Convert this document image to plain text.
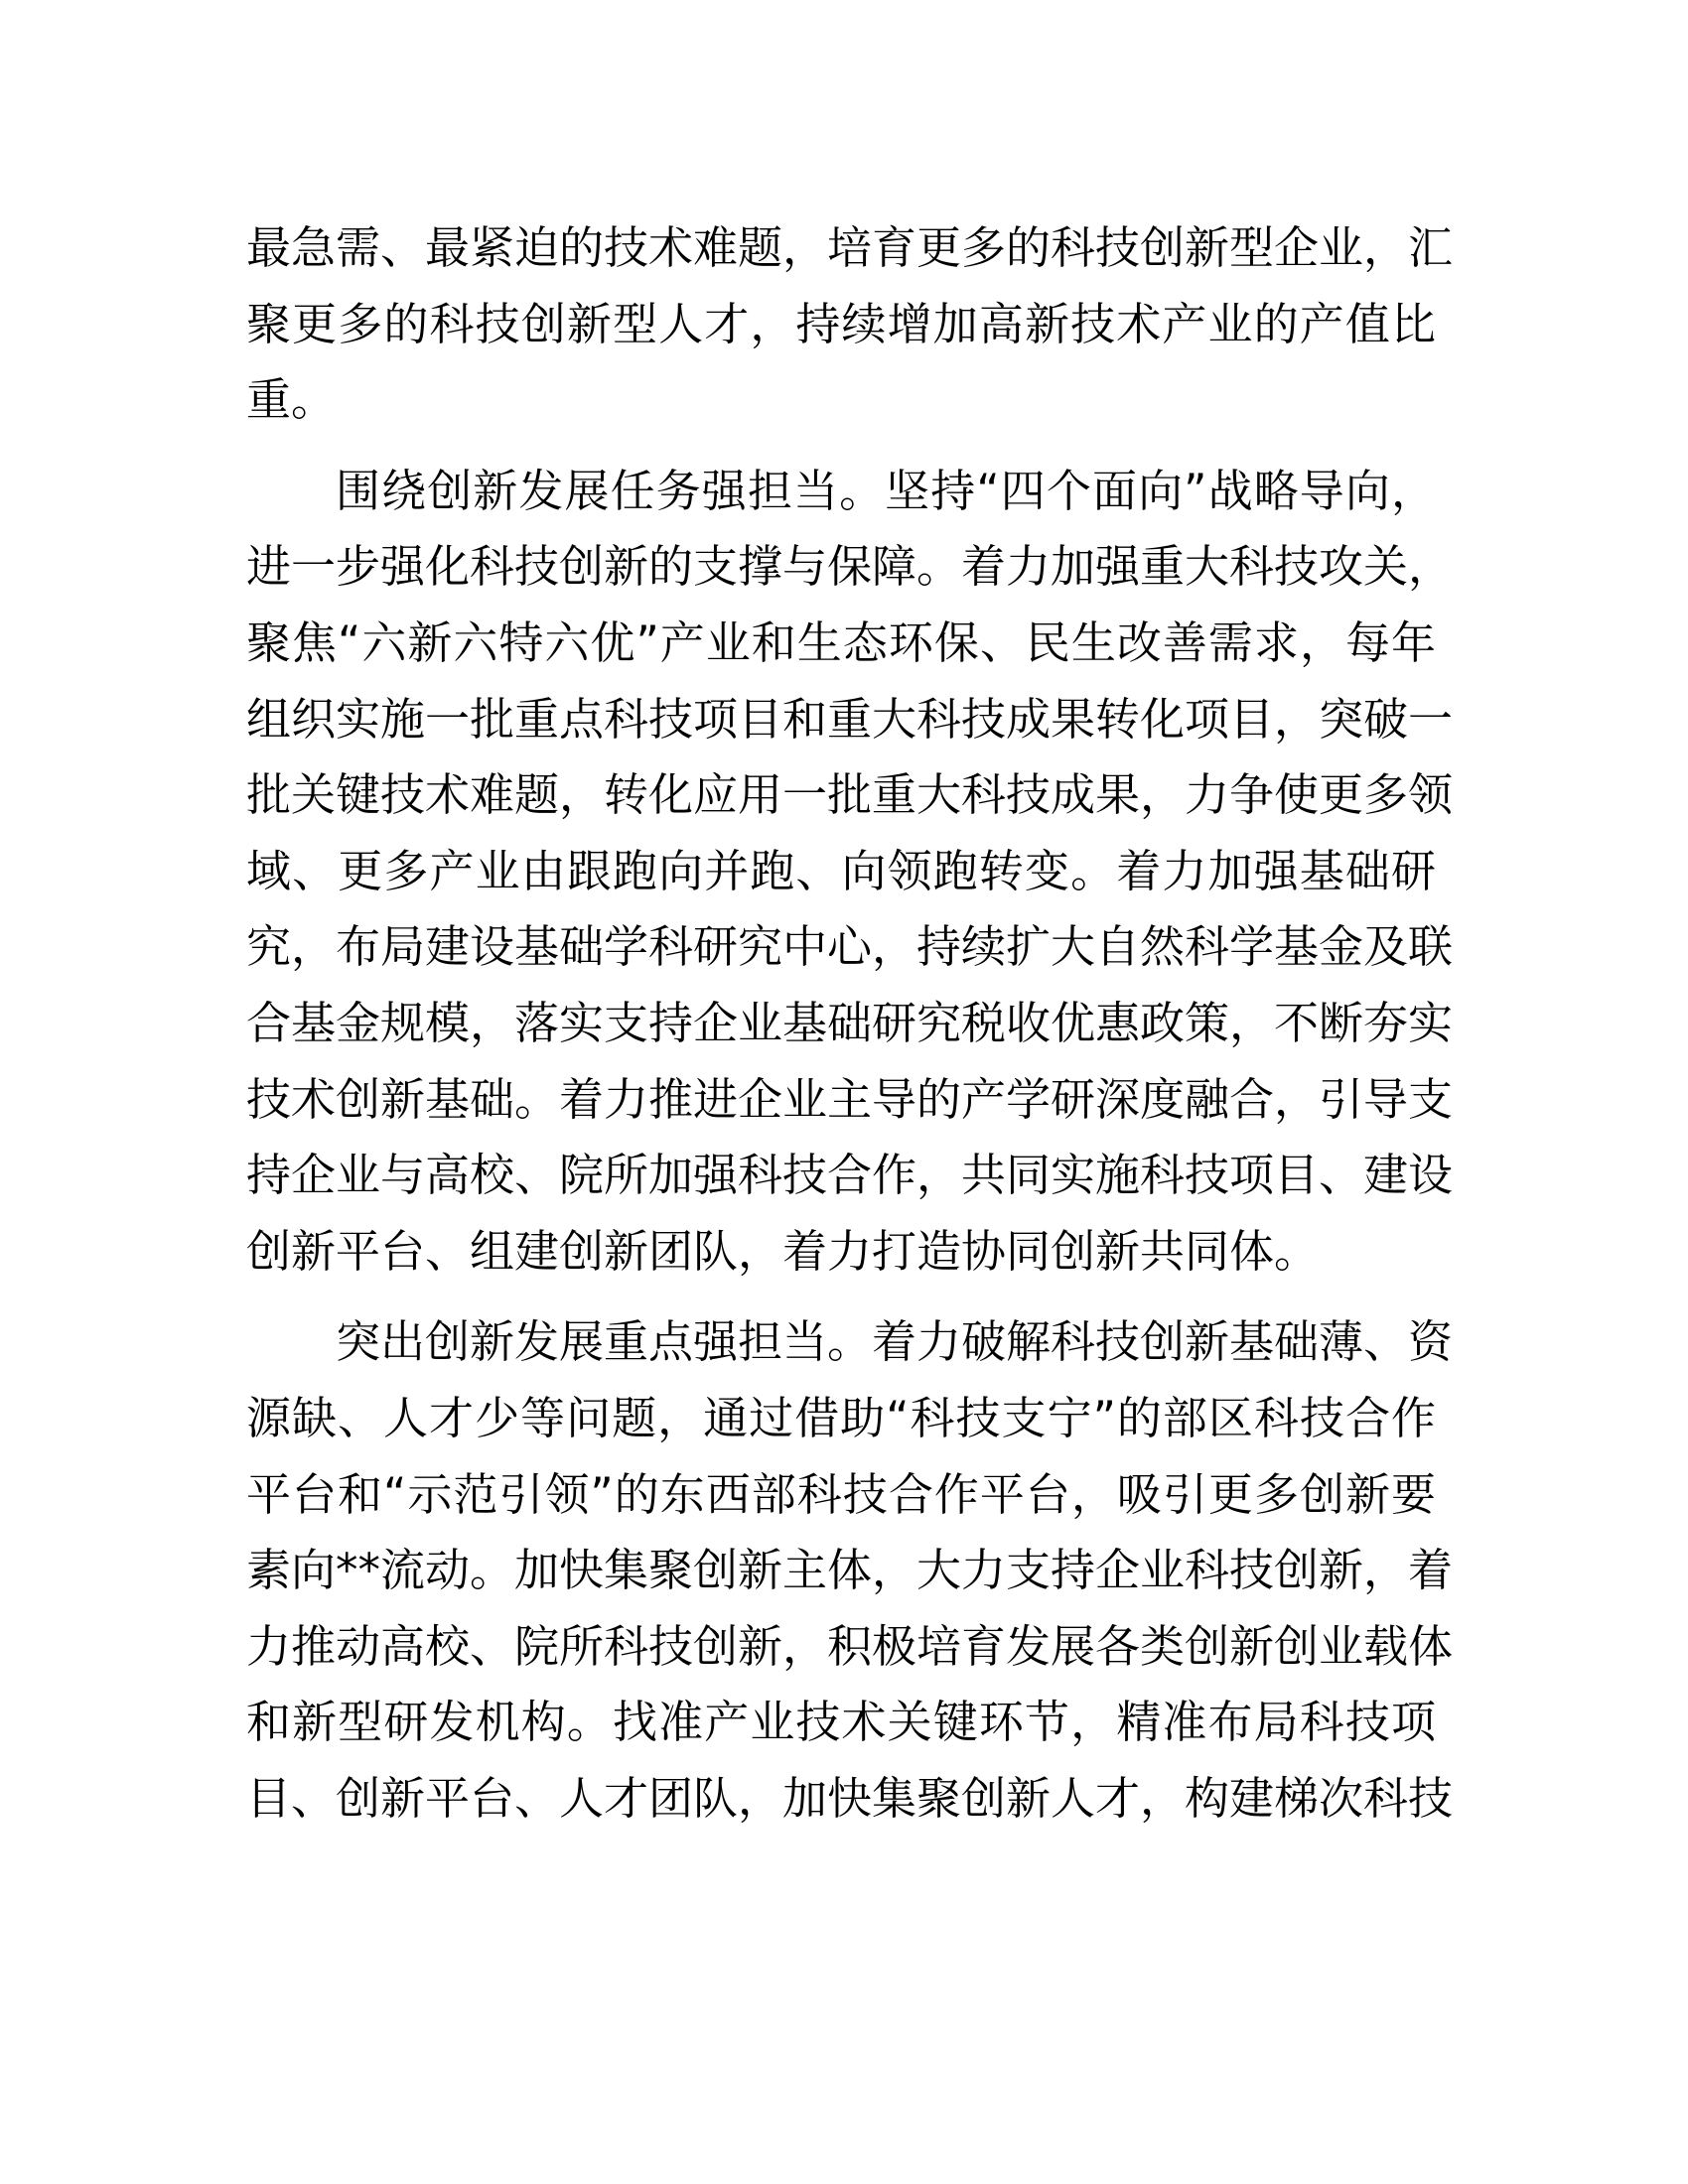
最急需、最紧迫的技术难题，培育更多的科技创新型企业，汇
聚更多的科技创新型人才，持续增加高新技术产业的产值比
重。
围绕创新发展任务强担当。坚持“四个面向”战略导向，
进一步强化科技创新的支撑与保障。着力加强重大科技攻关，
聚焦“六新六特六优”产业和生态环保、民生改善需求，每年
组织实施一批重点科技项目和重大科技成果转化项目，突破一
批关键技术难题，转化应用一批重大科技成果，力争使更多领
域、更多产业由跟跑向并跑、向领跑转变。着力加强基础研
究，布局建设基础学科研究中心，持续扩大自然科学基金及联
合基金规模，落实支持企业基础研究税收优惠政策，不断夯实
技术创新基础。着力推进企业主导的产学研深度融合，引导支
持企业与高校、院所加强科技合作，共同实施科技项目、建设
创新平台、组建创新团队，着力打造协同创新共同体。
突出创新发展重点强担当。着力破解科技创新基础薄、资
源缺、人才少等问题，通过借助“科技支宁”的部区科技合作
平台和“示范引领”的东西部科技合作平台，吸引更多创新要
素向**流动。加快集聚创新主体，大力支持企业科技创新，着
力推动高校、院所科技创新，积极培育发展各类创新创业载体
和新型研发机构。找准产业技术关键环节，精准布局科技项
目、创新平台、人才团队，加快集聚创新人才，构建梯次科技
